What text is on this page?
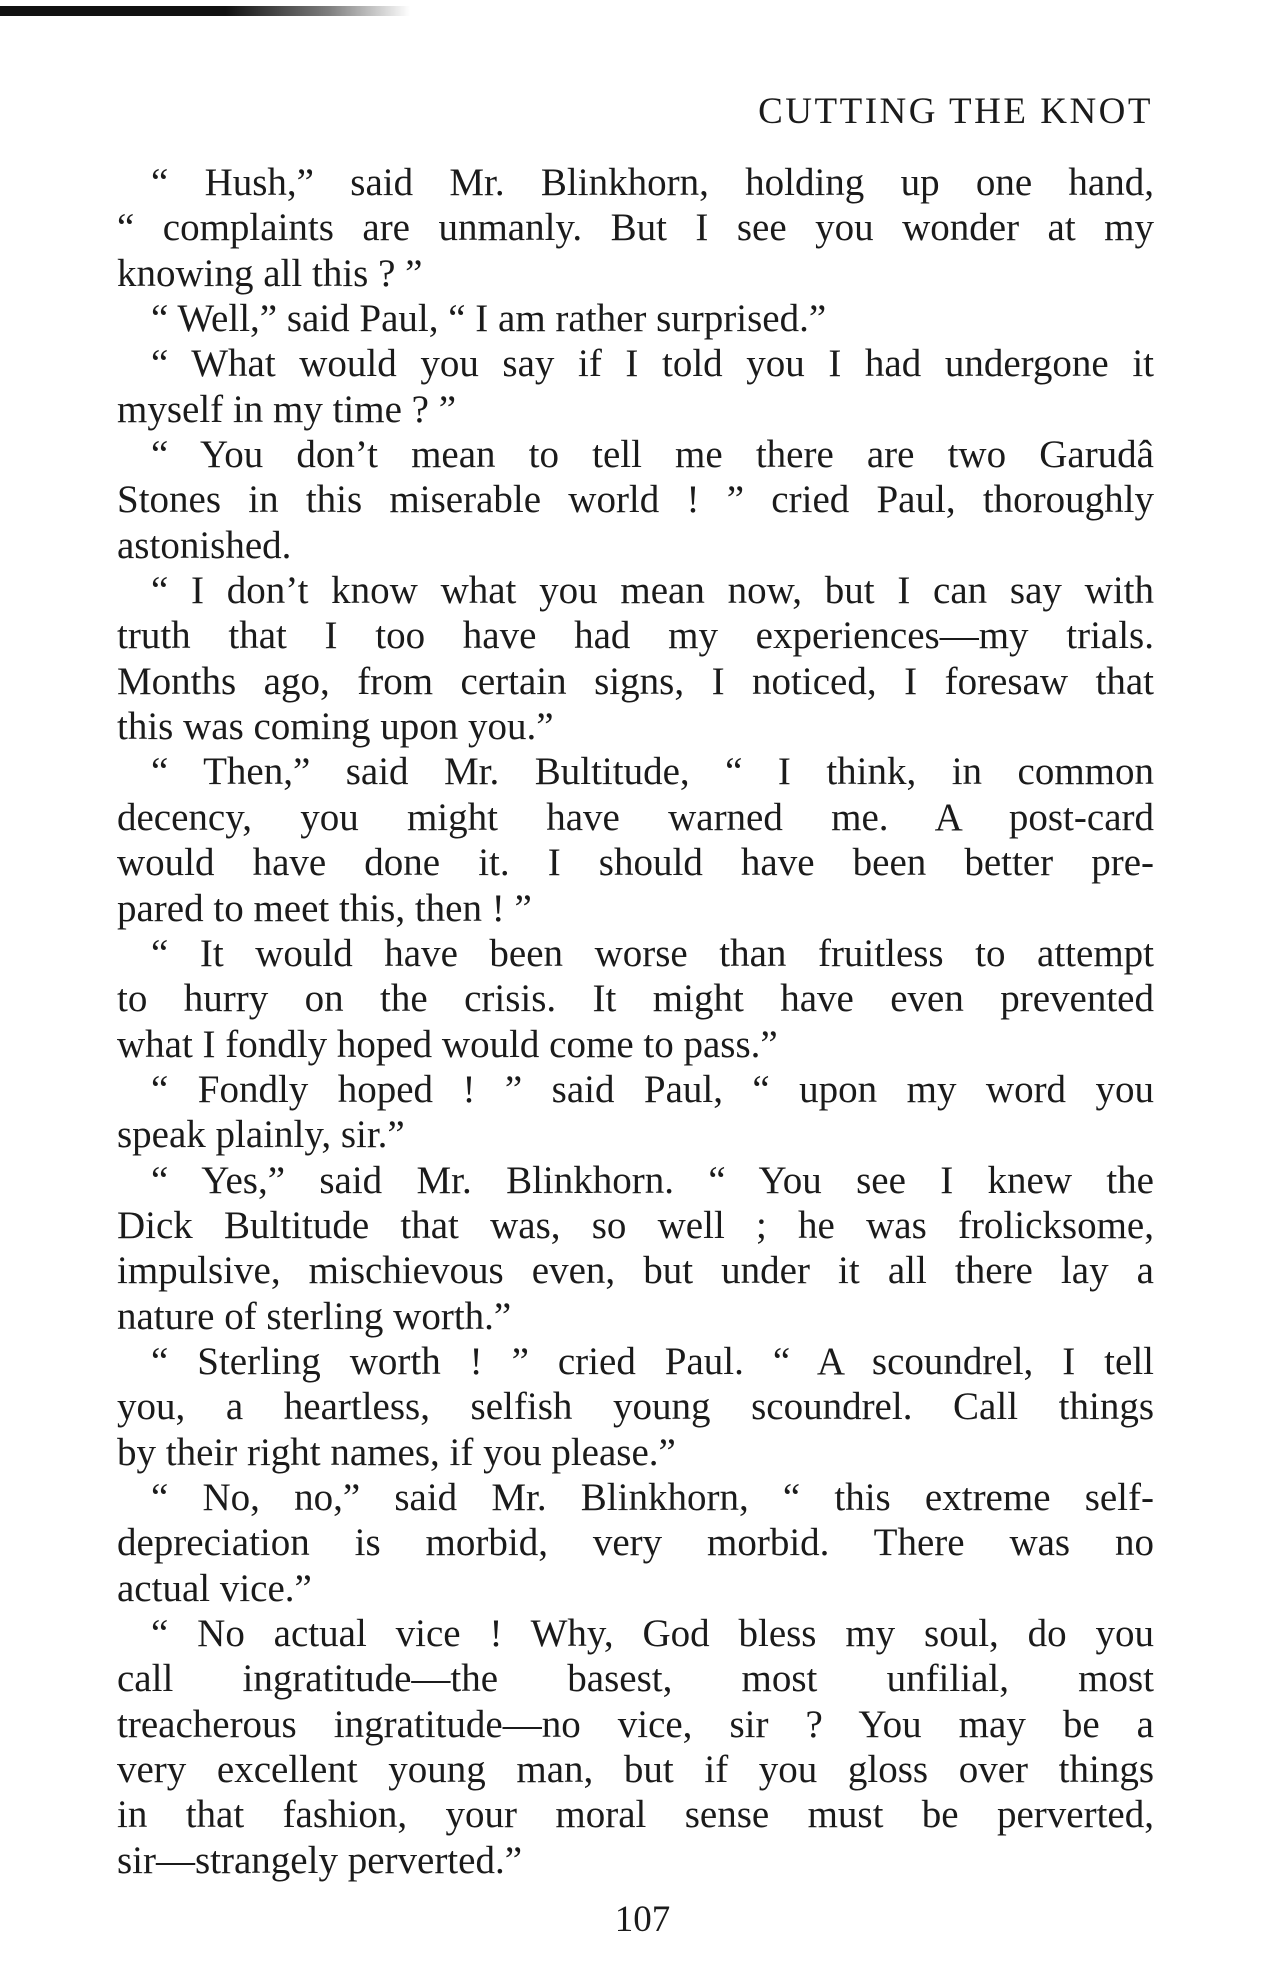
CUTTING THE KNOT
“ Hush,” said Mr. Blinkhorn, holding up one hand,
“ complaints are unmanly. But I see you wonder at my
knowing all this ? ”
“ Well,” said Paul, “ I am rather surprised.”
“ What would you say if I told you I had undergone it
myself in my time ? ”
“ You don’t mean to tell me there are two Garudâ
Stones in this miserable world ! ” cried Paul, thoroughly
astonished.
“ I don’t know what you mean now, but I can say with
truth that I too have had my experiences—my trials.
Months ago, from certain signs, I noticed, I foresaw that
this was coming upon you.”
“ Then,” said Mr. Bultitude, “ I think, in common
decency, you might have warned me. A post-card
would have done it. I should have been better pre-
pared to meet this, then ! ”
“ It would have been worse than fruitless to attempt
to hurry on the crisis. It might have even prevented
what I fondly hoped would come to pass.”
“ Fondly hoped ! ” said Paul, “ upon my word you
speak plainly, sir.”
“ Yes,” said Mr. Blinkhorn. “ You see I knew the
Dick Bultitude that was, so well ; he was frolicksome,
impulsive, mischievous even, but under it all there lay a
nature of sterling worth.”
“ Sterling worth ! ” cried Paul. “ A scoundrel, I tell
you, a heartless, selfish young scoundrel. Call things
by their right names, if you please.”
“ No, no,” said Mr. Blinkhorn, “ this extreme self-
depreciation is morbid, very morbid. There was no
actual vice.”
“ No actual vice ! Why, God bless my soul, do you
call ingratitude—the basest, most unfilial, most
treacherous ingratitude—no vice, sir ? You may be a
very excellent young man, but if you gloss over things
in that fashion, your moral sense must be perverted,
sir—strangely perverted.”
107
